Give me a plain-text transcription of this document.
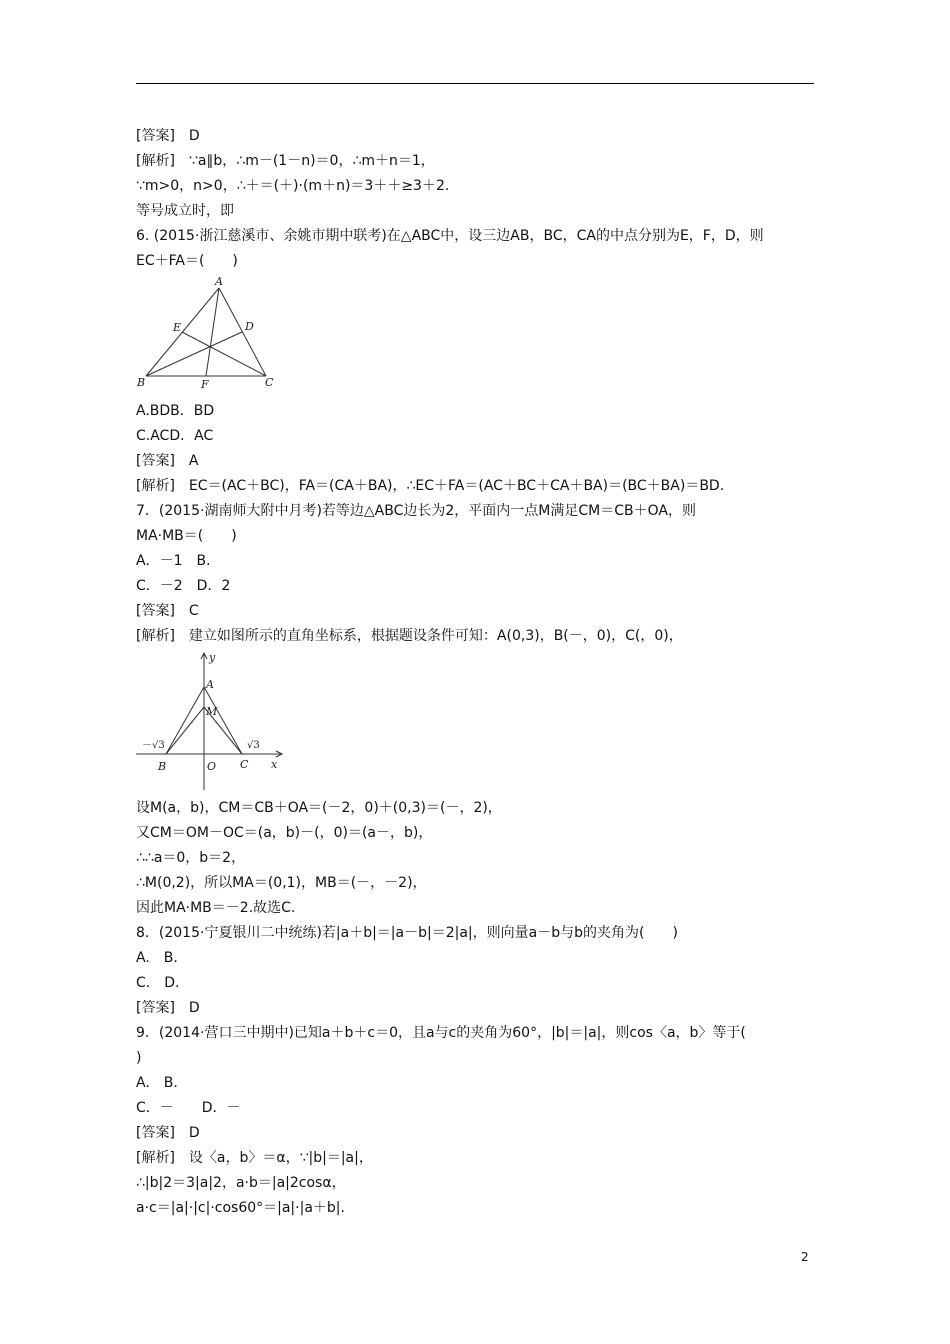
[答案]　D
[解析]　∵a∥b，∴m－(1－n)＝0，∴m＋n＝1，
∵m>0，n>0，∴＋＝(＋)·(m＋n)＝3＋＋≥3＋2.
等号成立时，即
6. (2015·浙江慈溪市、余姚市期中联考)在△ABC中，设三边AB，BC，CA的中点分别为E，F，D，则
EC＋FA＝(　　)
A
B	C
D
E
F
A.BDB．BD
C.ACD．AC
[答案]　A
[解析]　EC＝(AC＋BC)，FA＝(CA＋BA)，∴EC＋FA＝(AC＋BC＋CA＋BA)＝(BC＋BA)＝BD.
7．(2015·湖南师大附中月考)若等边△ABC边长为2，平面内一点M满足CM＝CB＋OA，则
MA·MB＝(　　)
A．－1　B．
C．－2　D．2
[答案]　C
[解析]　建立如图所示的直角坐标系，根据题设条件可知：A(0,3)，B(－，0)，C(，0)，
y
x
A
M
B	O C
－√3	√3
设M(a，b)，CM＝CB＋OA＝(－2，0)＋(0,3)＝(－，2)，
又CM＝OM－OC＝(a，b)－(，0)＝(a－，b)，
∴∴a＝0，b＝2，
∴M(0,2)，所以MA＝(0,1)，MB＝(－，－2)，
因此MA·MB＝－2.故选C.
8．(2015·宁夏银川二中统练)若|a＋b|＝|a－b|＝2|a|，则向量a－b与b的夹角为(　　)
A.　B.
C.　D.
[答案]　D
9．(2014·营口三中期中)已知a＋b＋c＝0，且a与c的夹角为60°，|b|＝|a|，则cos〈a，b〉等于(
)
A.　B.
C．－　　D．－
[答案]　D
[解析]　设〈a，b〉＝α，∵|b|＝|a|，
∴|b|2＝3|a|2，a·b＝|a|2cosα，
a·c＝|a|·|c|·cos60°＝|a|·|a＋b|.
2
